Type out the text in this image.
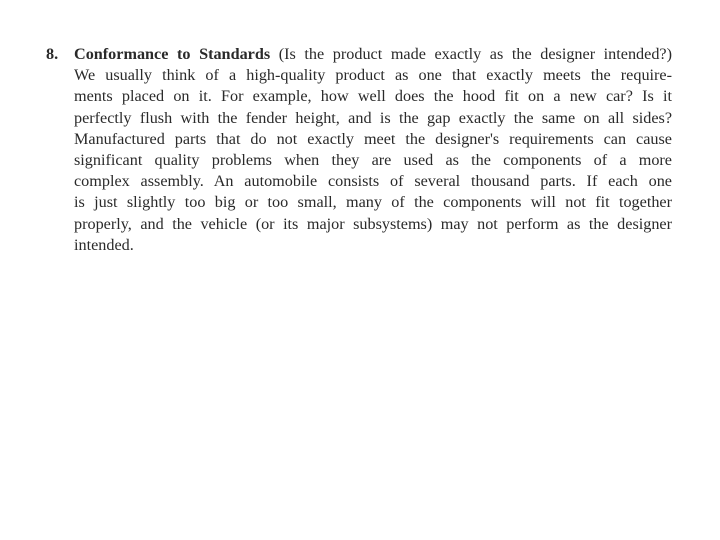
8. Conformance to Standards (Is the product made exactly as the designer intended?)
We usually think of a high-quality product as one that exactly meets the require-
ments placed on it. For example, how well does the hood fit on a new car? Is it
perfectly flush with the fender height, and is the gap exactly the same on all sides?
Manufactured parts that do not exactly meet the designer's requirements can cause
significant quality problems when they are used as the components of a more
complex assembly. An automobile consists of several thousand parts. If each one
is just slightly too big or too small, many of the components will not fit together
properly, and the vehicle (or its major subsystems) may not perform as the designer
intended.
